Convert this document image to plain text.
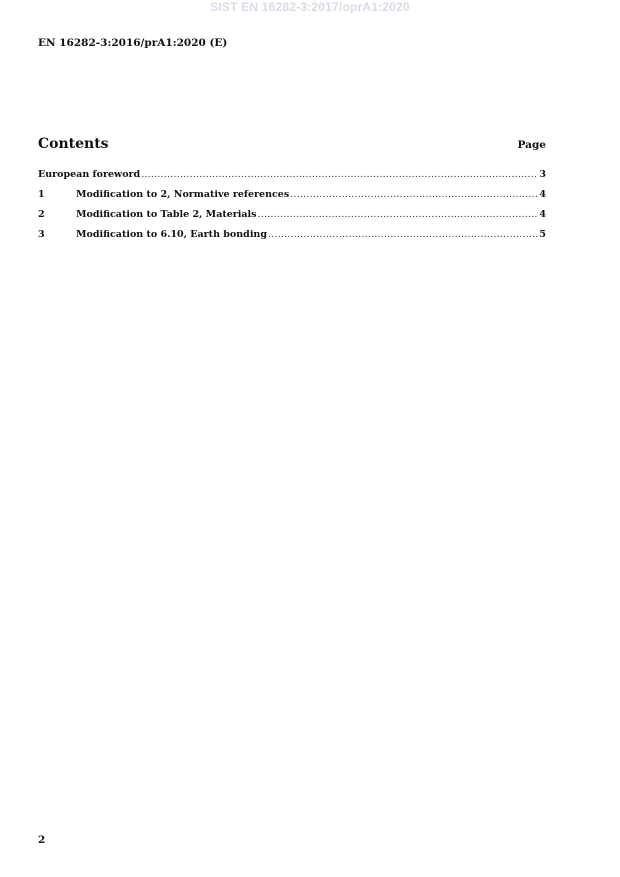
SIST EN 16282-3:2017/oprA1:2020
EN 16282-3:2016/prA1:2020 (E)
Contents	Page
European foreword .....	3
1	Modification to 2, Normative references .....	4
2	Modification to Table 2, Materials .....	4
3	Modification to 6.10, Earth bonding .....	5
2
